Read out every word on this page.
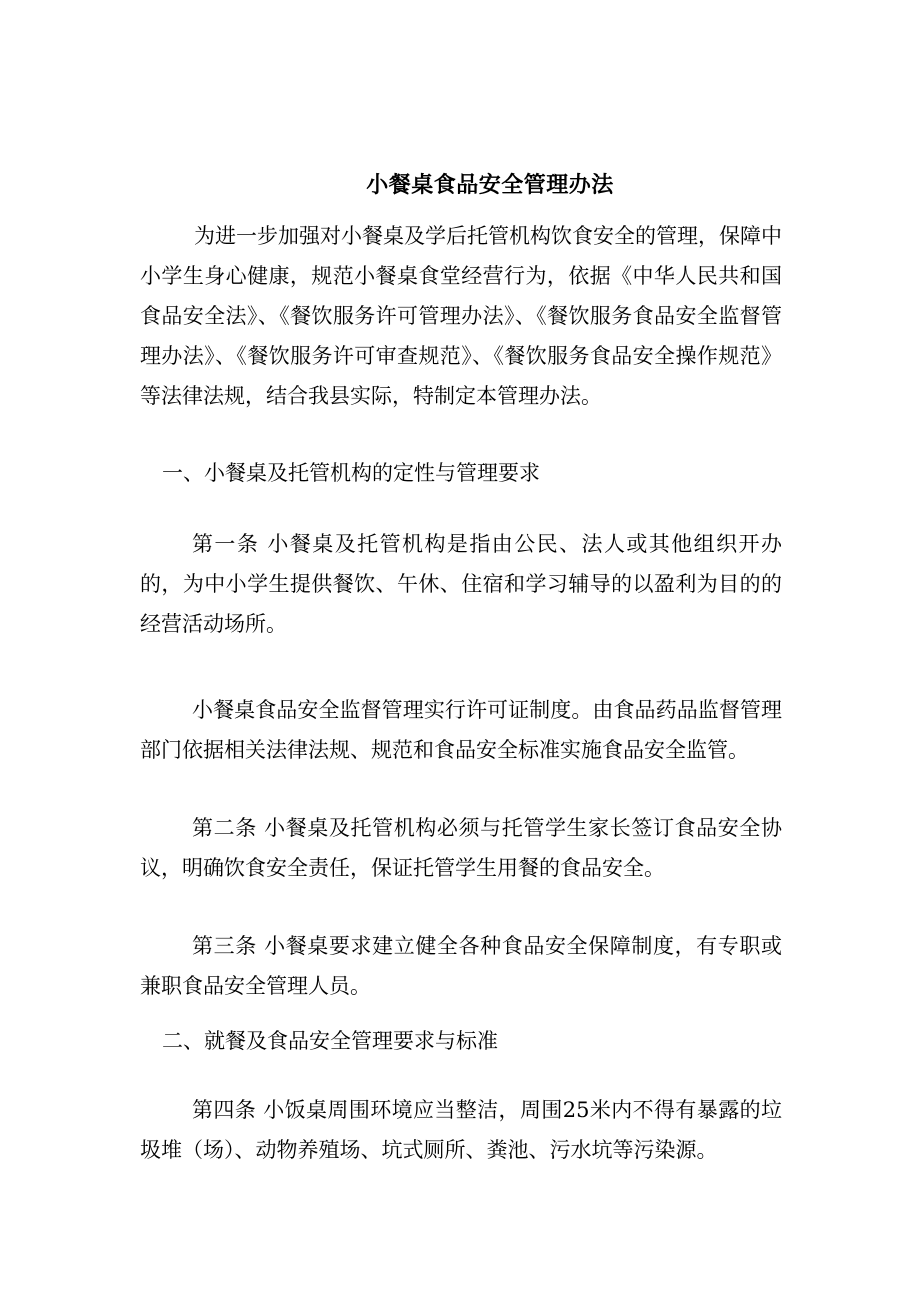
小餐桌食品安全管理办法

为进一步加强对小餐桌及学后托管机构饮食安全的管理，保障中小学生身心健康，规范小餐桌食堂经营行为，依据《中华人民共和国食品安全法》、《餐饮服务许可管理办法》、《餐饮服务食品安全监督管理办法》、《餐饮服务许可审查规范》、《餐饮服务食品安全操作规范》等法律法规，结合我县实际，特制定本管理办法。

一、小餐桌及托管机构的定性与管理要求

第一条 小餐桌及托管机构是指由公民、法人或其他组织开办的，为中小学生提供餐饮、午休、住宿和学习辅导的以盈利为目的的经营活动场所。

小餐桌食品安全监督管理实行许可证制度。由食品药品监督管理部门依据相关法律法规、规范和食品安全标准实施食品安全监管。

第二条 小餐桌及托管机构必须与托管学生家长签订食品安全协议，明确饮食安全责任，保证托管学生用餐的食品安全。

第三条 小餐桌要求建立健全各种食品安全保障制度，有专职或兼职食品安全管理人员。

二、就餐及食品安全管理要求与标准

第四条 小饭桌周围环境应当整洁，周围25米内不得有暴露的垃圾堆（场）、动物养殖场、坑式厕所、粪池、污水坑等污染源。
